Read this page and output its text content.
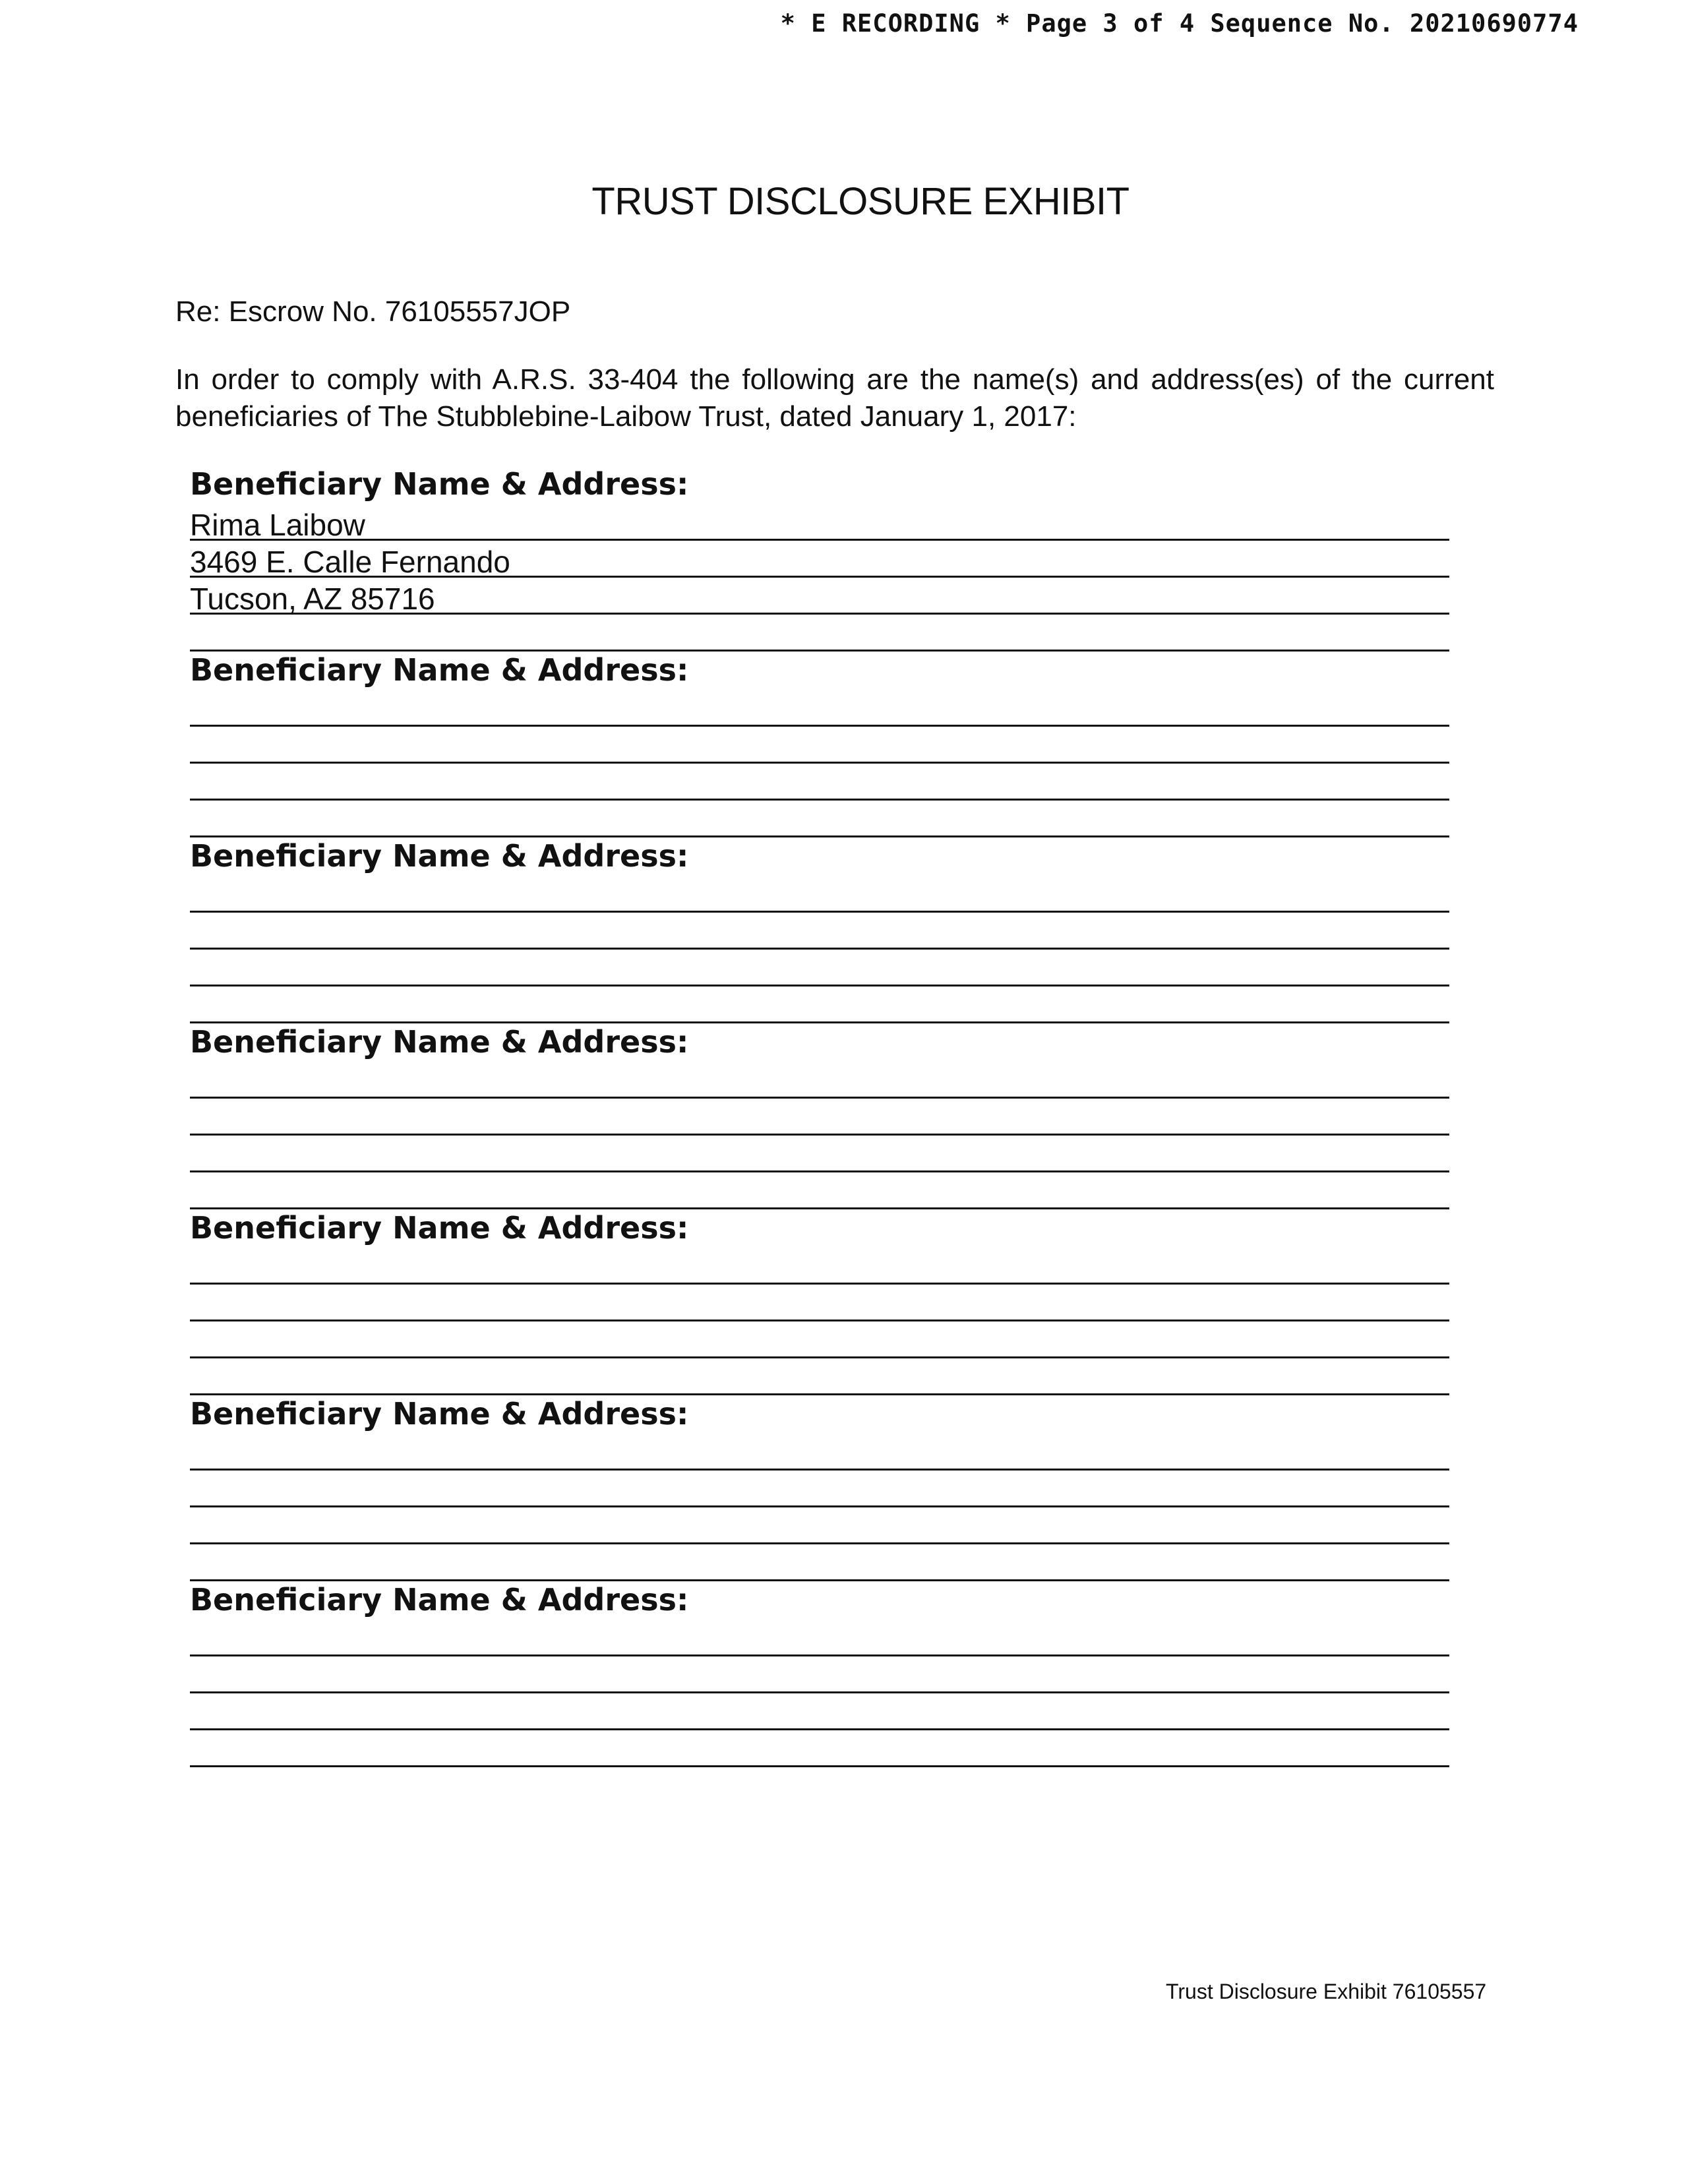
* E RECORDING * Page 3 of 4 Sequence No. 20210690774
TRUST DISCLOSURE EXHIBIT
Re: Escrow No. 76105557JOP
In order to comply with A.R.S. 33-404 the following are the name(s) and address(es) of the current beneficiaries of The Stubblebine-Laibow Trust, dated January 1, 2017:
Beneficiary Name & Address:
Rima Laibow
3469 E. Calle Fernando
Tucson, AZ 85716
Beneficiary Name & Address:
Beneficiary Name & Address:
Beneficiary Name & Address:
Beneficiary Name & Address:
Beneficiary Name & Address:
Beneficiary Name & Address:
Trust Disclosure Exhibit 76105557
